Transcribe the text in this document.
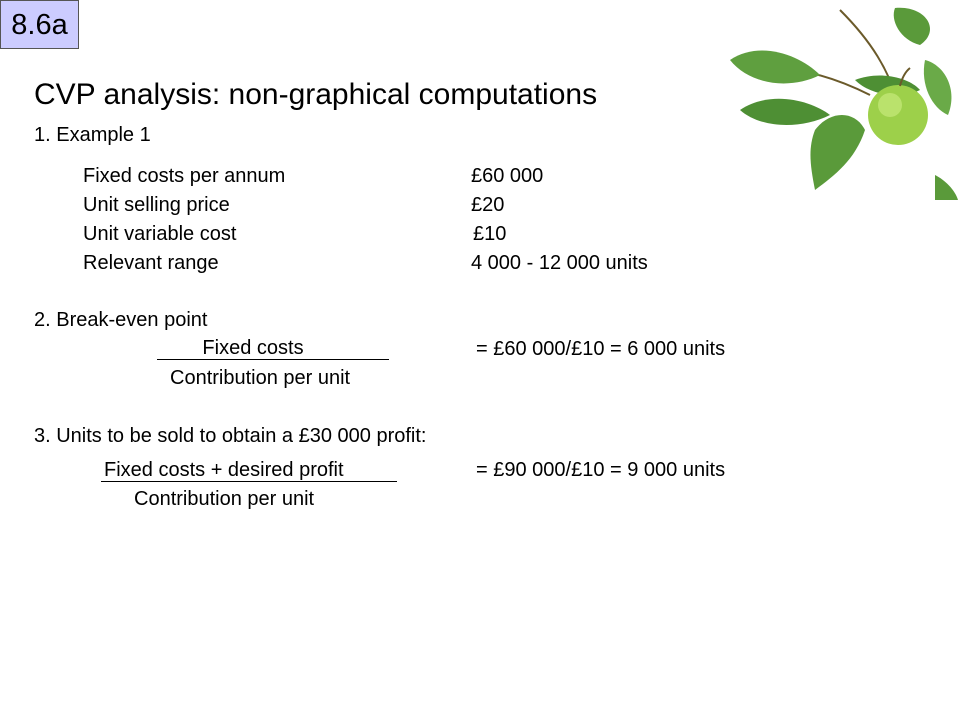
8.6a
CVP analysis: non-graphical computations
1. Example 1
Fixed costs per annum	£60 000
Unit selling price	£20
Unit variable cost	£10
Relevant range	4 000 - 12 000 units
2. Break-even point
Fixed costs
Contribution per unit
= £60 000/£10 = 6 000 units
3. Units to be sold to obtain a £30 000 profit:
Fixed costs + desired profit
Contribution per unit
= £90 000/£10 = 9 000 units
